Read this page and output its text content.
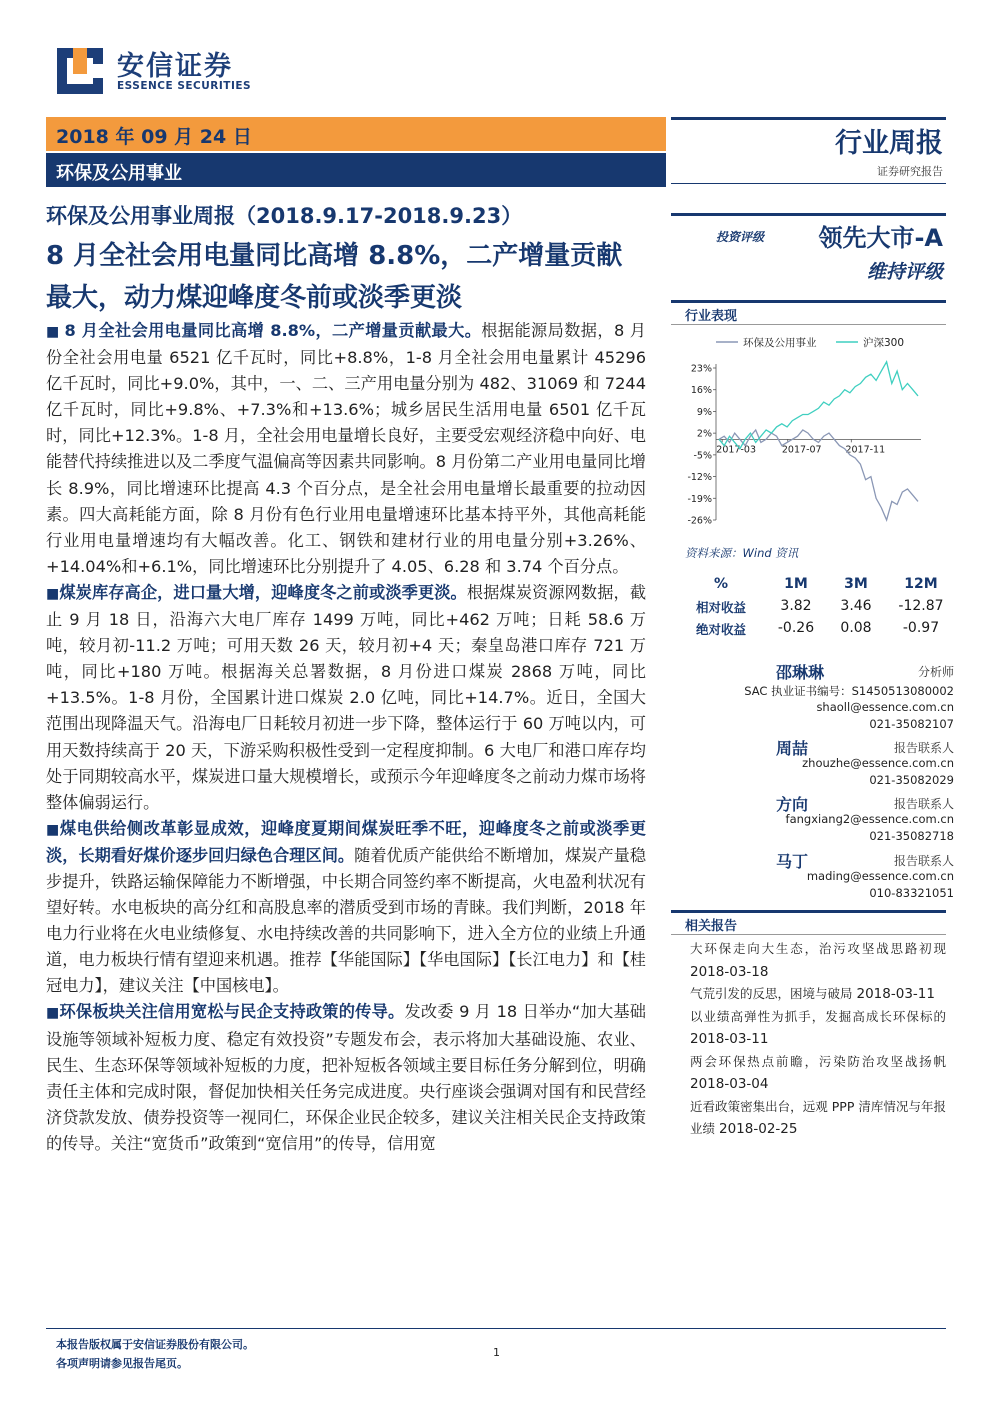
安信证券
ESSENCE SECURITIES
2018 年 09 月 24 日
环保及公用事业
行业周报
证券研究报告
投资评级 领先大市-A
维持评级
环保及公用事业周报（2018.9.17-2018.9.23）
8 月全社会用电量同比高增 8.8%，二产增量贡献最大，动力煤迎峰度冬前或淡季更淡

■ 8 月全社会用电量同比高增 8.8%，二产增量贡献最大。根据能源局数据，8 月份全社会用电量 6521 亿千瓦时，同比+8.8%，1-8 月全社会用电量累计 45296 亿千瓦时，同比+9.0%，其中，一、二、三产用电量分别为 482、31069 和 7244 亿千瓦时，同比+9.8%、+7.3%和+13.6%；城乡居民生活用电量 6501 亿千瓦时，同比+12.3%。1-8 月，全社会用电量增长良好，主要受宏观经济稳中向好、电能替代持续推进以及二季度气温偏高等因素共同影响。8 月份第二产业用电量同比增长 8.9%，同比增速环比提高 4.3 个百分点，是全社会用电量增长最重要的拉动因素。四大高耗能方面，除 8 月份有色行业用电量增速环比基本持平外，其他高耗能行业用电量增速均有大幅改善。化工、钢铁和建材行业的用电量分别+3.26%、+14.04%和+6.1%，同比增速环比分别提升了 4.05、6.28 和 3.74 个百分点。

■煤炭库存高企，进口量大增，迎峰度冬之前或淡季更淡。根据煤炭资源网数据，截止 9 月 18 日，沿海六大电厂库存 1499 万吨，同比+462 万吨；日耗 58.6 万吨，较月初-11.2 万吨；可用天数 26 天，较月初+4 天；秦皇岛港口库存 721 万吨，同比+180 万吨。根据海关总署数据，8 月份进口煤炭 2868 万吨，同比+13.5%。1-8 月份，全国累计进口煤炭 2.0 亿吨，同比+14.7%。近日，全国大范围出现降温天气。沿海电厂日耗较月初进一步下降，整体运行于 60 万吨以内，可用天数持续高于 20 天，下游采购积极性受到一定程度抑制。6 大电厂和港口库存均处于同期较高水平，煤炭进口量大规模增长，或预示今年迎峰度冬之前动力煤市场将整体偏弱运行。

■煤电供给侧改革彰显成效，迎峰度夏期间煤炭旺季不旺，迎峰度冬之前或淡季更淡，长期看好煤价逐步回归绿色合理区间。随着优质产能供给不断增加，煤炭产量稳步提升，铁路运输保障能力不断增强，中长期合同签约率不断提高，火电盈利状况有望好转。水电板块的高分红和高股息率的潜质受到市场的青睐。我们判断，2018 年电力行业将在火电业绩修复、水电持续改善的共同影响下，进入全方位的业绩上升通道，电力板块行情有望迎来机遇。推荐【华能国际】【华电国际】【长江电力】和【桂冠电力】，建议关注【中国核电】。

■环保板块关注信用宽松与民企支持政策的传导。发改委 9 月 18 日举办“加大基础设施等领域补短板力度、稳定有效投资”专题发布会，表示将加大基础设施、农业、民生、生态环保等领域补短板的力度，把补短板各领域主要目标任务分解到位，明确责任主体和完成时限，督促加快相关任务完成进度。央行座谈会强调对国有和民营经济贷款发放、债券投资等一视同仁，环保企业民企较多，建议关注相关民企支持政策的传导。关注“宽货币”政策到“宽信用”的传导，信用宽

行业表现
环保及公用事业	沪深300
23%
16%
9%
2%
-5%
-12%
-19%
-26%
2017-03	2017-07	2017-11
资料来源：Wind 资讯
%	1M	3M	12M
相对收益	3.82	3.46	-12.87
绝对收益	-0.26	0.08	-0.97
邵琳琳	分析师
SAC 执业证书编号：S1450513080002
shaoll@essence.com.cn
021-35082107
周喆	报告联系人
zhouzhe@essence.com.cn
021-35082029
方向	报告联系人
fangxiang2@essence.com.cn
021-35082718
马丁	报告联系人
mading@essence.com.cn
010-83321051
相关报告

大环保走向大生态，治污攻坚战思路初现 2018-03-18

气荒引发的反思，困境与破局 2018-03-11

以业绩高弹性为抓手，发掘高成长环保标的 2018-03-11

两会环保热点前瞻，污染防治攻坚战扬帆 2018-03-04

近看政策密集出台，远观 PPP 清库情况与年报业绩 2018-02-25

本报告版权属于安信证券股份有限公司。
各项声明请参见报告尾页。
1
